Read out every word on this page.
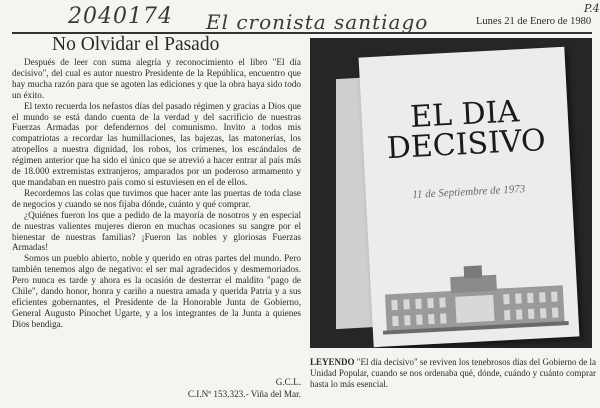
2040174 El cronista santiago
P.4
Lunes 21 de Enero de 1980
No Olvidar el Pasado

Después de leer con suma alegría y reconocimiento el libro "El día decisivo", del cual es autor nuestro Presidente de la República, encuentro que hay mucha razón para que se agoten las ediciones y que la obra haya sido todo un éxito.

El texto recuerda los nefastos días del pasado régimen y gracias a Dios que el mundo se está dando cuenta de la verdad y del sacrificio de nuestras Fuerzas Armadas por defendernos del comunismo. Invito a todos mis compatriotas a recordar las humillaciones, las bajezas, las matonerías, los atropellos a nuestra dignidad, los robos, los crímenes, los escándalos de régimen anterior que ha sido el único que se atrevió a hacer entrar al país más de 18.000 extremistas extranjeros, amparados por un poderoso armamento y que mandaban en nuestro país como si estuviesen en el de ellos.

Recordemos las colas que tuvimos que hacer ante las puertas de toda clase de negocios y cuando se nos fijaba dónde, cuánto y qué comprar.

¿Quiénes fueron los que a pedido de la mayoría de nosotros y en especial de nuestras valientes mujeres dieron en muchas ocasiones su sangre por el bienestar de nuestras familias? ¡Fueron las nobles y gloriosas Fuerzas Armadas!

Somos un pueblo abierto, noble y querido en otras partes del mundo. Pero también tenemos algo de negativo: el ser mal agradecidos y desmemoriados. Pero nunca es tarde y ahora es la ocasión de desterrar el maldito "pago de Chile", dando honor, honra y cariño a nuestra amada y querida Patria y a sus eficientes gobernantes, el Presidente de la Honorable Junta de Gobierno, General Augusto Pinochet Ugarte, y a los integrantes de la Junta a quienes Dios bendiga.

G.C.L.
C.I.Nº 153.323.- Viña del Mar.
EL DIA
DECISIVO
11 de Septiembre de 1973

LEYENDO "El día decisivo" se reviven los tenebrosos días del Gobierno de la Unidad Popular, cuando se nos ordenaba qué, dónde, cuándo y cuánto comprar hasta lo más esencial.
